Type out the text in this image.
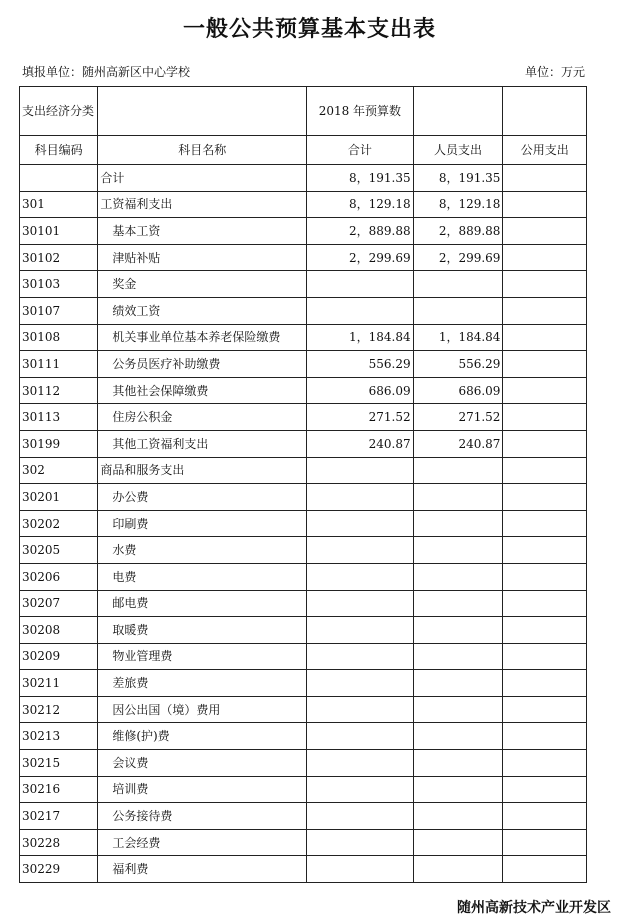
一般公共预算基本支出表
填报单位：随州高新区中心学校	单位：万元
支出经济分类		2018 年预算数		
科目编码	科目名称	合计	人员支出	公用支出
	合计	8，191.35	8，191.35	
301	工资福利支出	8，129.18	8，129.18	
30101	基本工资	2，889.88	2，889.88	
30102	津贴补贴	2，299.69	2，299.69	
30103	奖金			
30107	绩效工资			
30108	机关事业单位基本养老保险缴费	1，184.84	1，184.84	
30111	公务员医疗补助缴费	556.29	556.29	
30112	其他社会保障缴费	686.09	686.09	
30113	住房公积金	271.52	271.52	
30199	其他工资福利支出	240.87	240.87	
302	商品和服务支出			
30201	办公费			
30202	印刷费			
30205	水费			
30206	电费			
30207	邮电费			
30208	取暖费			
30209	物业管理费			
30211	差旅费			
30212	因公出国（境）费用			
30213	维修(护)费			
30215	会议费			
30216	培训费			
30217	公务接待费			
30228	工会经费			
30229	福利费			
随州高新技术产业开发区
